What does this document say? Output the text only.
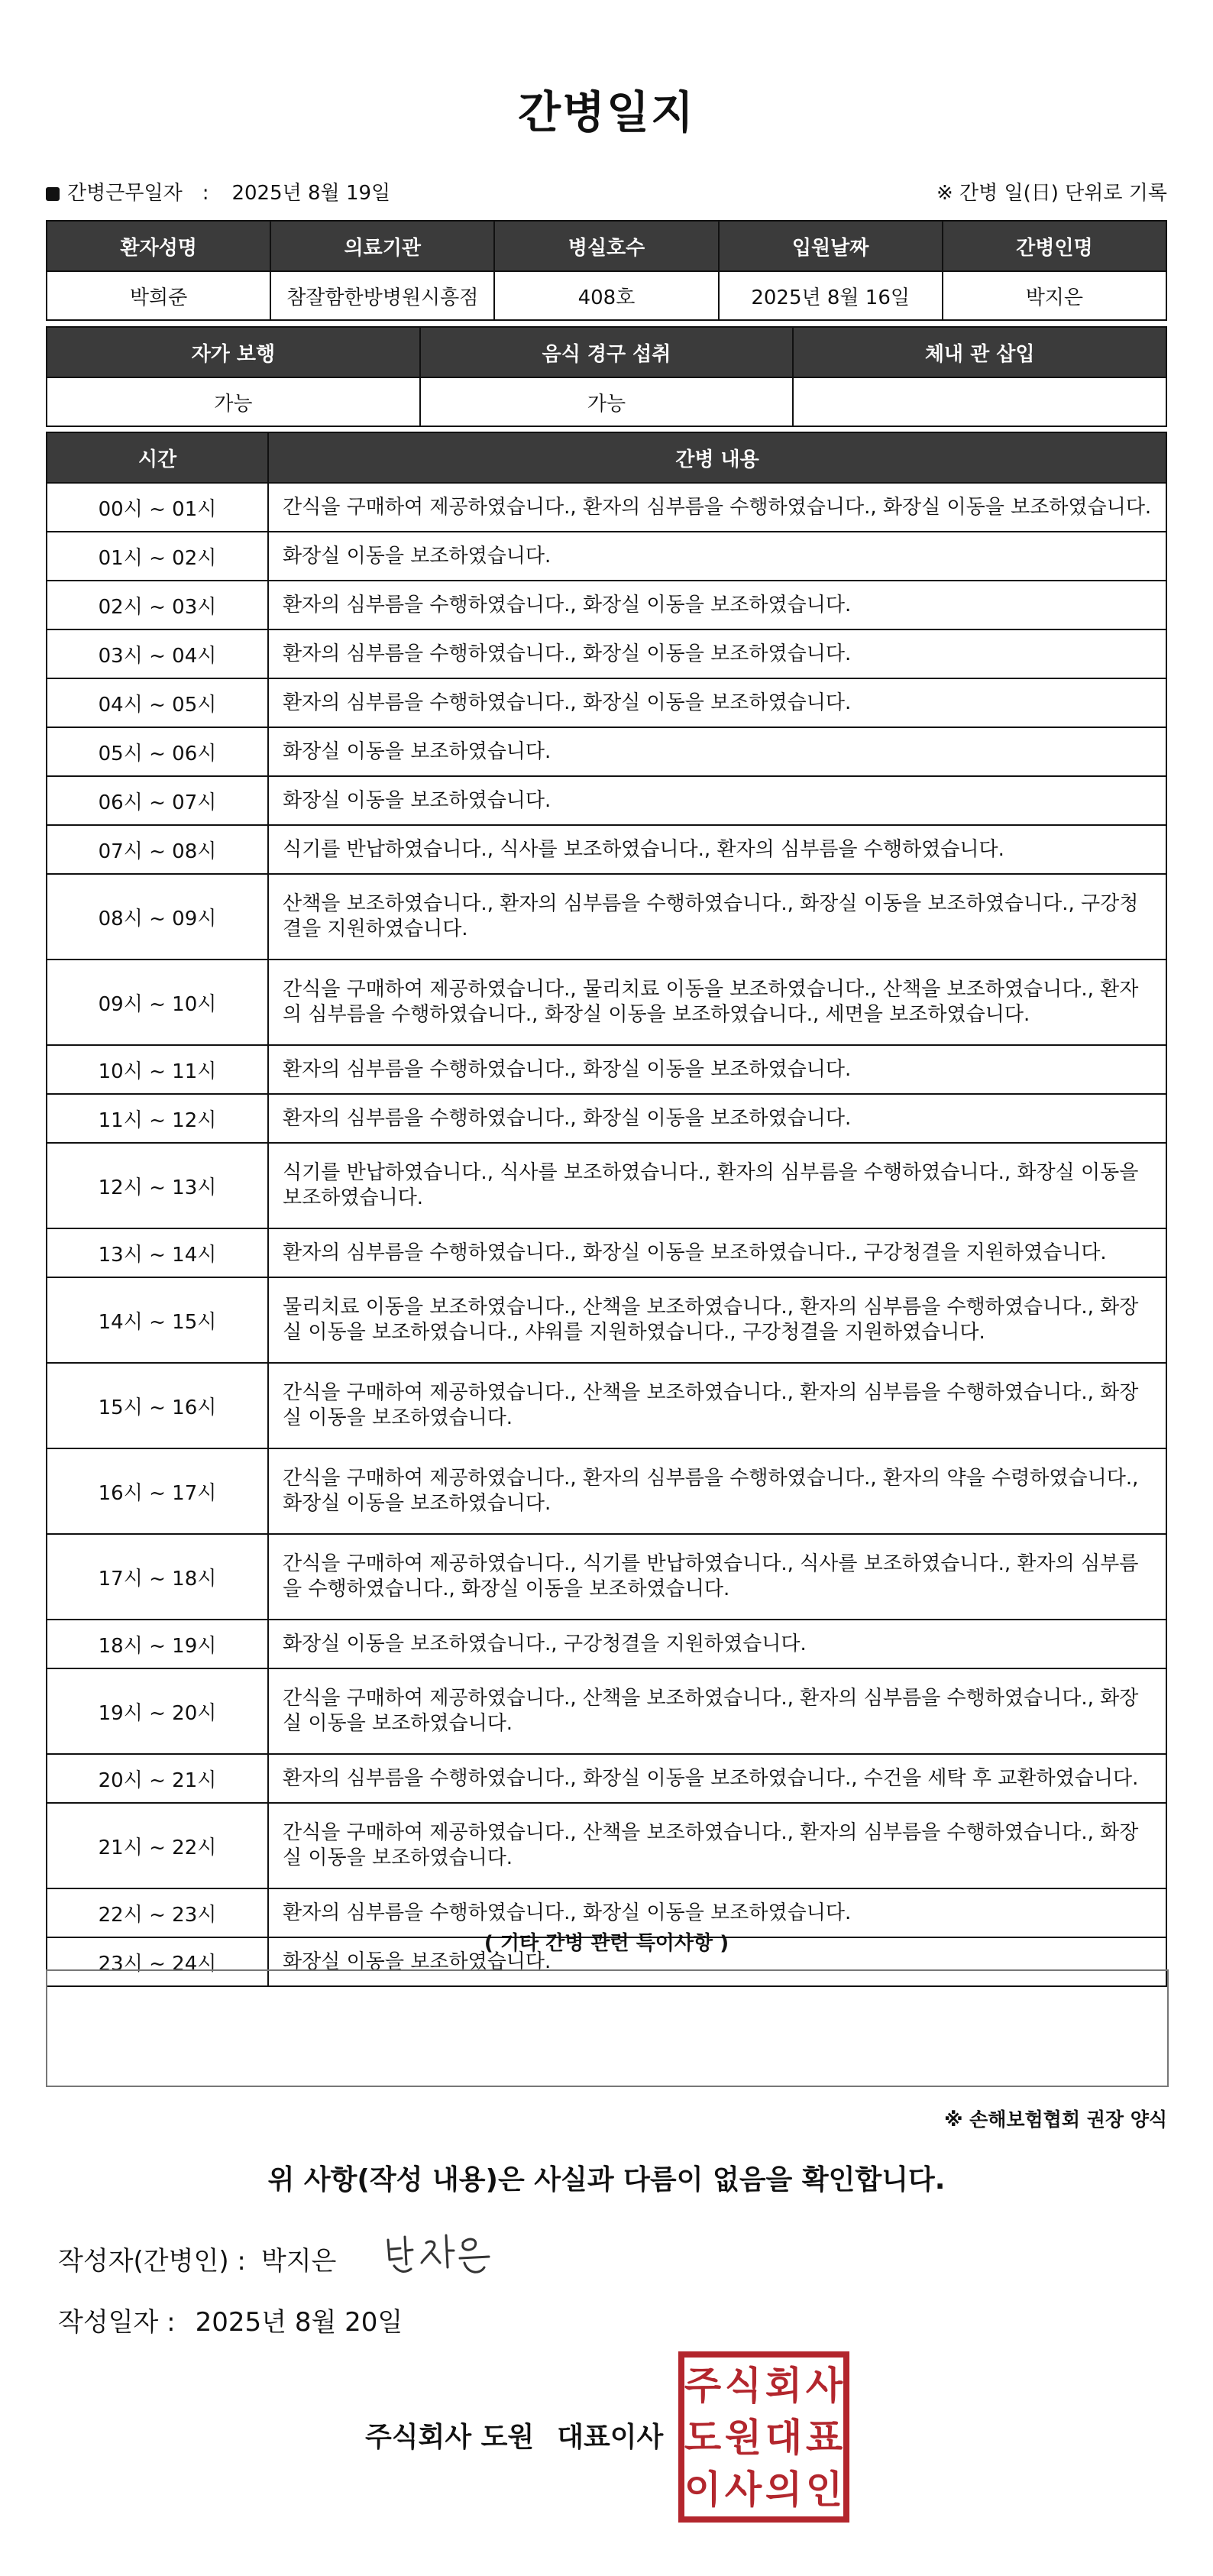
간병일지
간병근무일자 : 2025년 8월 19일	※ 간병 일(日) 단위로 기록
환자성명	의료기관	병실호수	입원날짜	간병인명
박희준	참잘함한방병원시흥점	408호	2025년 8월 16일	박지은
자가 보행	음식 경구 섭취	체내 관 삽입
가능	가능	
시간	간병 내용
00시 ~ 01시	간식을 구매하여 제공하였습니다., 환자의 심부름을 수행하였습니다., 화장실 이동을 보조하였습니다.
01시 ~ 02시	화장실 이동을 보조하였습니다.
02시 ~ 03시	환자의 심부름을 수행하였습니다., 화장실 이동을 보조하였습니다.
03시 ~ 04시	환자의 심부름을 수행하였습니다., 화장실 이동을 보조하였습니다.
04시 ~ 05시	환자의 심부름을 수행하였습니다., 화장실 이동을 보조하였습니다.
05시 ~ 06시	화장실 이동을 보조하였습니다.
06시 ~ 07시	화장실 이동을 보조하였습니다.
07시 ~ 08시	식기를 반납하였습니다., 식사를 보조하였습니다., 환자의 심부름을 수행하였습니다.
08시 ~ 09시	산책을 보조하였습니다., 환자의 심부름을 수행하였습니다., 화장실 이동을 보조하였습니다., 구강청결을 지원하였습니다.
09시 ~ 10시	간식을 구매하여 제공하였습니다., 물리치료 이동을 보조하였습니다., 산책을 보조하였습니다., 환자의 심부름을 수행하였습니다., 화장실 이동을 보조하였습니다., 세면을 보조하였습니다.
10시 ~ 11시	환자의 심부름을 수행하였습니다., 화장실 이동을 보조하였습니다.
11시 ~ 12시	환자의 심부름을 수행하였습니다., 화장실 이동을 보조하였습니다.
12시 ~ 13시	식기를 반납하였습니다., 식사를 보조하였습니다., 환자의 심부름을 수행하였습니다., 화장실 이동을 보조하였습니다.
13시 ~ 14시	환자의 심부름을 수행하였습니다., 화장실 이동을 보조하였습니다., 구강청결을 지원하였습니다.
14시 ~ 15시	물리치료 이동을 보조하였습니다., 산책을 보조하였습니다., 환자의 심부름을 수행하였습니다., 화장실 이동을 보조하였습니다., 샤워를 지원하였습니다., 구강청결을 지원하였습니다.
15시 ~ 16시	간식을 구매하여 제공하였습니다., 산책을 보조하였습니다., 환자의 심부름을 수행하였습니다., 화장실 이동을 보조하였습니다.
16시 ~ 17시	간식을 구매하여 제공하였습니다., 환자의 심부름을 수행하였습니다., 환자의 약을 수령하였습니다., 화장실 이동을 보조하였습니다.
17시 ~ 18시	간식을 구매하여 제공하였습니다., 식기를 반납하였습니다., 식사를 보조하였습니다., 환자의 심부름을 수행하였습니다., 화장실 이동을 보조하였습니다.
18시 ~ 19시	화장실 이동을 보조하였습니다., 구강청결을 지원하였습니다.
19시 ~ 20시	간식을 구매하여 제공하였습니다., 산책을 보조하였습니다., 환자의 심부름을 수행하였습니다., 화장실 이동을 보조하였습니다.
20시 ~ 21시	환자의 심부름을 수행하였습니다., 화장실 이동을 보조하였습니다., 수건을 세탁 후 교환하였습니다.
21시 ~ 22시	간식을 구매하여 제공하였습니다., 산책을 보조하였습니다., 환자의 심부름을 수행하였습니다., 화장실 이동을 보조하였습니다.
22시 ~ 23시	환자의 심부름을 수행하였습니다., 화장실 이동을 보조하였습니다.
23시 ~ 24시	화장실 이동을 보조하였습니다.
( 기타 간병 관련 특이사항 )
※ 손해보험협회 권장 양식
위 사항(작성 내용)은 사실과 다름이 없음을 확인합니다.
작성자(간병인) : 박지은
작성일자 : 2025년 8월 20일
주식회사 도원 대표이사
주 식 회 사
도 원 대 표
이 사 의 인
